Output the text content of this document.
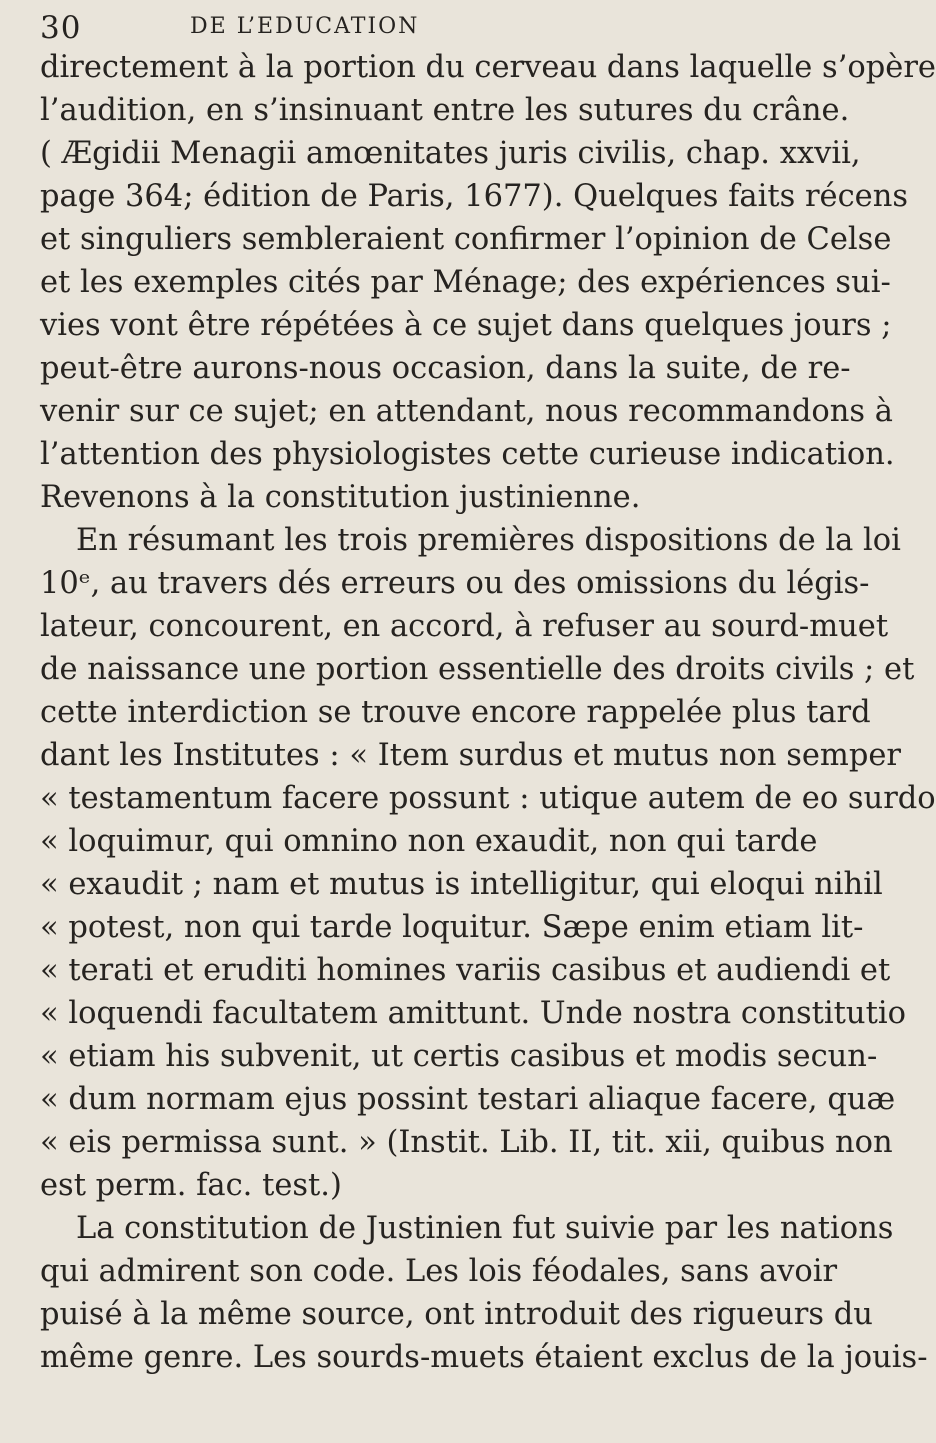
30	DE L’EDUCATION
directement à la portion du cerveau dans laquelle s’opère
l’audition, en s’insinuant entre les sutures du crâne.
( Ægidii Menagii amœnitates juris civilis, chap. xxvii,
page 364; édition de Paris, 1677). Quelques faits récens
et singuliers sembleraient confirmer l’opinion de Celse
et les exemples cités par Ménage; des expériences sui-
vies vont être répétées à ce sujet dans quelques jours ;
peut-être aurons-nous occasion, dans la suite, de re-
venir sur ce sujet; en attendant, nous recommandons à
l’attention des physiologistes cette curieuse indication.
Revenons à la constitution justinienne.
En résumant les trois premières dispositions de la loi
10ᵉ, au travers dés erreurs ou des omissions du légis-
lateur, concourent, en accord, à refuser au sourd-muet
de naissance une portion essentielle des droits civils ; et
cette interdiction se trouve encore rappelée plus tard
dant les Institutes : « Item surdus et mutus non semper
« testamentum facere possunt : utique autem de eo surdo
« loquimur, qui omnino non exaudit, non qui tarde
« exaudit ; nam et mutus is intelligitur, qui eloqui nihil
« potest, non qui tarde loquitur. Sæpe enim etiam lit-
« terati et eruditi homines variis casibus et audiendi et
« loquendi facultatem amittunt. Unde nostra constitutio
« etiam his subvenit, ut certis casibus et modis secun-
« dum normam ejus possint testari aliaque facere, quæ
« eis permissa sunt. » (Instit. Lib. II, tit. xii, quibus non
est perm. fac. test.)
La constitution de Justinien fut suivie par les nations
qui admirent son code. Les lois féodales, sans avoir
puisé à la même source, ont introduit des rigueurs du
même genre. Les sourds-muets étaient exclus de la jouis-
